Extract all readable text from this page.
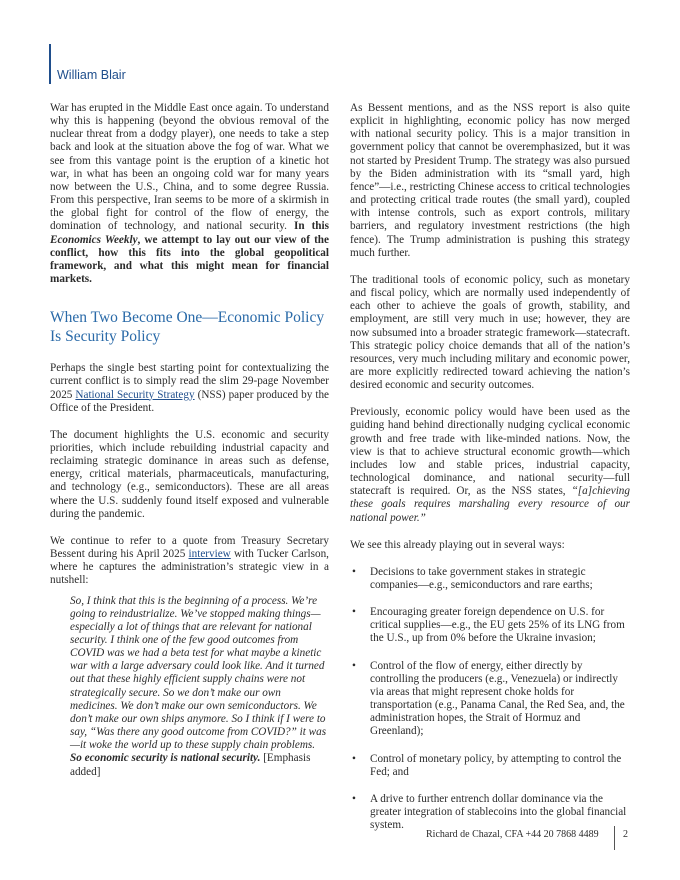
William Blair

War has erupted in the Middle East once again. To understand why this is happening (beyond the obvious removal of the nuclear threat from a dodgy player), one needs to take a step back and look at the situation above the fog of war. What we see from this vantage point is the eruption of a kinetic hot war, in what has been an ongoing cold war for many years now between the U.S., China, and to some degree Russia. From this perspective, Iran seems to be more of a skirmish in the global fight for control of the flow of energy, the domination of technology, and national security. In this Economics Weekly, we attempt to lay out our view of the conflict, how this fits into the global geopolitical framework, and what this might mean for financial markets.

When Two Become One—Economic Policy Is Security Policy

Perhaps the single best starting point for contextualizing the current conflict is to simply read the slim 29-page November 2025 National Security Strategy (NSS) paper produced by the Office of the President.

The document highlights the U.S. economic and security priorities, which include rebuilding industrial capacity and reclaiming strategic dominance in areas such as defense, energy, critical materials, pharmaceuticals, manufacturing, and technology (e.g., semiconductors). These are all areas where the U.S. suddenly found itself exposed and vulnerable during the pandemic.

We continue to refer to a quote from Treasury Secretary Bessent during his April 2025 interview with Tucker Carlson, where he captures the administration’s strategic view in a nutshell:

So, I think that this is the beginning of a process. We’re going to reindustrialize. We’ve stopped making things—especially a lot of things that are relevant for national security. I think one of the few good outcomes from COVID was we had a beta test for what maybe a kinetic war with a large adversary could look like. And it turned out that these highly efficient supply chains were not strategically secure. So we don’t make our own medicines. We don’t make our own semiconductors. We don’t make our own ships anymore. So I think if I were to say, “Was there any good outcome from COVID?” it was—it woke the world up to these supply chain problems. So economic security is national security. [Emphasis added]

As Bessent mentions, and as the NSS report is also quite explicit in highlighting, economic policy has now merged with national security policy. This is a major transition in government policy that cannot be overemphasized, but it was not started by President Trump. The strategy was also pursued by the Biden administration with its “small yard, high fence”—i.e., restricting Chinese access to critical technologies and protecting critical trade routes (the small yard), coupled with intense controls, such as export controls, military barriers, and regulatory investment restrictions (the high fence). The Trump administration is pushing this strategy much further.

The traditional tools of economic policy, such as monetary and fiscal policy, which are normally used independently of each other to achieve the goals of growth, stability, and employment, are still very much in use; however, they are now subsumed into a broader strategic framework—statecraft. This strategic policy choice demands that all of the nation’s resources, very much including military and economic power, are more explicitly redirected toward achieving the nation’s desired economic and security outcomes.

Previously, economic policy would have been used as the guiding hand behind directionally nudging cyclical economic growth and free trade with like-minded nations. Now, the view is that to achieve structural economic growth—which includes low and stable prices, industrial capacity, technological dominance, and national security—full statecraft is required. Or, as the NSS states, “[a]chieving these goals requires marshaling every resource of our national power.”

We see this already playing out in several ways:

• Decisions to take government stakes in strategic companies—e.g., semiconductors and rare earths;
• Encouraging greater foreign dependence on U.S. for critical supplies—e.g., the EU gets 25% of its LNG from the U.S., up from 0% before the Ukraine invasion;
• Control of the flow of energy, either directly by controlling the producers (e.g., Venezuela) or indirectly via areas that might represent choke holds for transportation (e.g., Panama Canal, the Red Sea, and, the administration hopes, the Strait of Hormuz and Greenland);
• Control of monetary policy, by attempting to control the Fed; and
• A drive to further entrench dollar dominance via the greater integration of stablecoins into the global financial system.
Richard de Chazal, CFA +44 20 7868 4489 2
